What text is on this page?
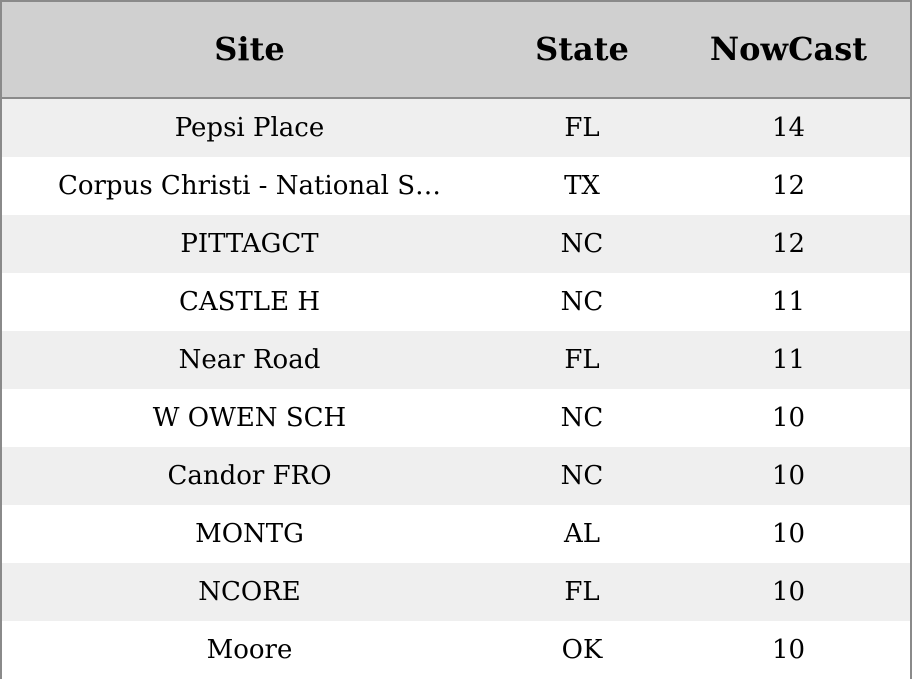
Site	State	NowCast
Pepsi Place	FL	14
Corpus Christi - National S…	TX	12
PITTAGCT	NC	12
CASTLE H	NC	11
Near Road	FL	11
W OWEN SCH	NC	10
Candor FRO	NC	10
MONTG	AL	10
NCORE	FL	10
Moore	OK	10
